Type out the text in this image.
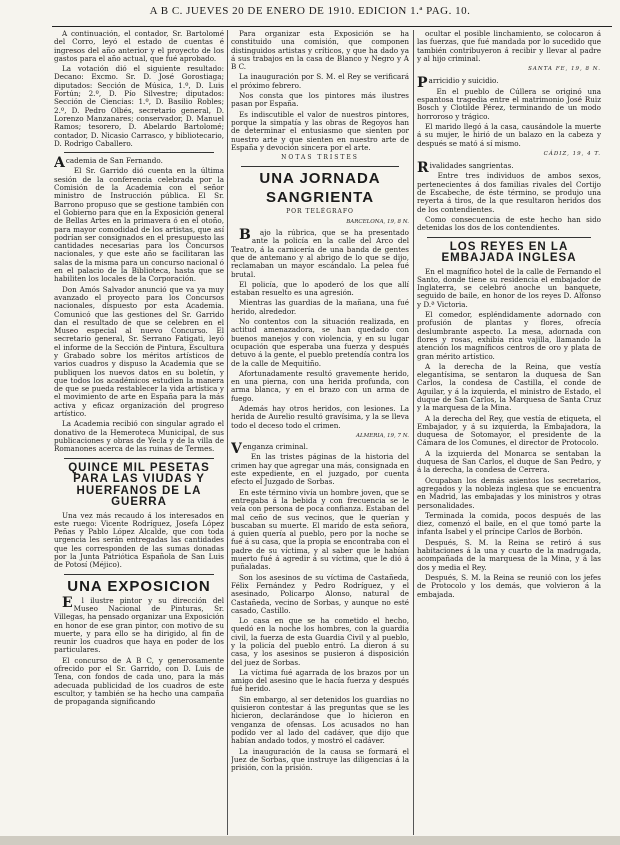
A B C. JUEVES 20 DE ENERO DE 1910. EDICION 1.ª PAG. 10.

A continuación, el contador, Sr. Bartolomé del Corro, leyó el estado de cuentas é ingresos del año anterior y el proyecto de los gastos para el año actual, que fué aprobado.

La votación dió el siguiente resultado: Decano: Excmo. Sr. D. José Gorostiaga; diputados: Sección de Música, 1.º, D. Luis Fortún; 2.º, D. Pío Silvestre; diputados: Sección de Ciencias: 1.º, D. Basilio Robles; 2.º, D. Pedro Olbés, secretario general, D. Lorenzo Manzanares; conservador, D. Manuel Ramos; tesorero, D. Abelardo Bartolomé; contador, D. Nicasio Carrasco, y bibliotecario, D. Rodrigo Caballero.

Academia de San Fernando.

El Sr. Garrido dió cuenta en la última sesión de la conferencia celebrada por la Comisión de la Academia con el señor ministro de Instrucción pública. El Sr. Barrono propuso que se gestione también con el Gobierno para que en la Exposición general de Bellas Artes en la primavera ó en el otoño, para mayor comodidad de los artistas, que así podrían ser consignados en el presupuesto las cantidades necesarias para los Concursos nacionales, y que este año se facilitaran las salas de la misma para un concurso nacional ó en el palacio de la Biblioteca, hasta que se habiliten los locales de la Corporación.

Don Amós Salvador anunció que va ya muy avanzado el proyecto para los Concursos nacionales, dispuesto por esta Academia. Comunicó que las gestiones del Sr. Garrido dan el resultado de que se celebren en el Museo especial al nuevo Concurso. El secretario general, Sr. Serrano Fatigati, leyó el informe de la Sección de Pintura, Escultura y Grabado sobre los méritos artísticos de varios cuadros y dispuso la Academia que se publiquen los nuevos datos en su boletín, y que todos los académicos estudien la manera de que se pueda restablecer la vida artística y el movimiento de arte en España para la más activa y eficaz organización del progreso artístico.

La Academia recibió con singular agrado el donativo de la Hemeroteca Municipal, de sus publicaciones y obras de Yecla y de la villa de Romanones acerca de las ruinas de Termes.

QUINCE MIL PESETAS PARA LAS VIUDAS Y HUERFANOS DE LA GUERRA

Una vez más recaudo á los interesados en este ruego: Vicente Rodríguez, Josefa López Peñas y Pablo López Alcalde, que con toda urgencia les serán entregadas las cantidades que les corresponden de las sumas donadas por la Junta Patriótica Española de San Luis de Potosí (Méjico).

UNA EXPOSICION

El ilustre pintor y su dirección del Museo Nacional de Pinturas, Sr. Villegas, ha pensado organizar una Exposición en honor de ese gran pintor, con motivo de su muerte, y para ello se ha dirigido, al fin de reunir los cuadros que haya en poder de los particulares.

El concurso de A B C, y generosamente ofrecido por el Sr. Garrido, con D. Luis de Tena, con fondos de cada uno, para la más adecuada publicidad de los cuadros de este escultor, y también se ha hecho una campaña de propaganda significando

Para organizar esta Exposición se ha constituido una comisión, que componen distinguidos artistas y críticos, y que ha dado ya á sus trabajos en la casa de Blanco y Negro y A B C.

La inauguración por S. M. el Rey se verificará el próximo febrero.

Nos consta que los pintores más ilustres pasan por España.

Es indiscutible el valor de nuestros pintores, porque la simpatía y las obras de Regoyos han de determinar el entusiasmo que sienten por nuestro arte y que sienten en nuestro arte de España y devoción sincera por el arte.

NOTAS TRISTES
UNA JORNADA
SANGRIENTA
POR TELÉGRAFO
BARCELONA, 19, 8 N.

Bajo la rúbrica, que se ha presentado ante la policía en la calle del Arco del Teatro, á la carnicería de una banda de gentes que de antemano y al abrigo de lo que se dijo, reclamaban un mayor escándalo. La pelea fué brutal.

El policía, que lo apoderó de los que allí estaban resuelto es una agresión.

Mientras las guardias de la mañana, una fué herido, alrededor.

No contentos con la situación realizada, en actitud amenazadora, se han quedado con buenos manejos y con violencia, y en su lugar ocupación que esperaba una fuerza y después detuvo á la gente, el pueblo pretendía contra los de la calle de Mequitiño.

Afortunadamente resultó gravemente herido, en una pierna, con una herida profunda, con arma blanca, y en el brazo con un arma de fuego.

Además hay otros heridos, con lesiones. La herida de Aurelio resultó gravísima, y la se lleva todo el deceso todo el crimen.

ALMERIA, 19, 7 N.

Venganza criminal.

En las tristes páginas de la historia del crimen hay que agregar una más, consignada en este expediente, en el juzgado, por cuenta efecto el Juzgado de Sorbas.

En este término vivía un hombre joven, que se entregaba á la bebida y con frecuencia se le veía con persona de poca confianza. Estaban del mal ceño de sus vecinos, que le querían y buscaban su muerte. El marido de esta señora, á quien quería al pueblo, pero por la noche se fué á su casa, que la propia se encontraba con el padre de su víctima, y al saber que le habían muerto fué á agredir á su víctima, que le dió á puñaladas.

Son los asesinos de su víctima de Castañeda, Félix Fernández y Pedro Rodríguez, y el asesinado, Policarpo Alonso, natural de Castañeda, vecino de Sorbas, y aunque no esté casado, Castillo.

Lo casa en que se ha cometido el hecho, quedó en la noche los hombres, con la guardia civil, la fuerza de esta Guardia Civil y al pueblo, y la policía del pueblo entró. La dieron á su casa, y los asesinos se pusieron á disposición del juez de Sorbas.

La víctima fué agarrada de los brazos por un amigo del asesino que le hacía fuerza y después fué herido.

Sin embargo, al ser detenidos los guardias no quisieron contestar á las preguntas que se les hicieron, declarándose que lo hicieron en venganza de ofensas. Los acusados no han podido ver al lado del cadáver, que dijo que habían andado todos, y mostró el cadáver.

La inauguración de la causa se formará el Juez de Sorbas, que instruye las diligencias á la prisión, con la prisión.

ocultar el posible linchamiento, se colocaron á las fuerzas, que fué mandada por lo sucedido que también contribuyeron á recibir y llevar al padre y al hijo criminal.

SANTA FE, 19, 8 N.

Parricidio y suicidio.

En el pueblo de Cúllera se originó una espantosa tragedia entre el matrimonio José Ruiz Bosch y Clotilde Pérez, terminando de un modo horroroso y trágico.

El marido llegó á la casa, causándole la muerte á su mujer, le hirió de un balazo en la cabeza y después se mató á sí mismo.

CÁDIZ, 19, 4 T.

Rivalidades sangrientas.

Entre tres individuos de ambos sexos, pertenecientes á dos familias rivales del Cortijo de Escabeche, de éste término, se produjo una reyerta á tiros, de la que resultaron heridos dos de los contendientes.

Como consecuencia de este hecho han sido detenidas los dos de los contendientes.

LOS REYES EN LA EMBAJADA INGLESA

En el magnífico hotel de la calle de Fernando el Santo, donde tiene su residencia el embajador de Inglaterra, se celebró anoche un banquete, seguido de baile, en honor de los reyes D. Alfonso y D.ª Victoria.

El comedor, espléndidamente adornado con profusión de plantas y flores, ofrecía deslumbrante aspecto. La mesa, adornada con flores y rosas, exhibía rica vajilla, llamando la atención los magníficos centros de oro y plata de gran mérito artístico.

A la derecha de la Reina, que vestía elegantísima, se sentaron la duquesa de San Carlos, la condesa de Castilla, el conde de Aguilar, y á la izquierda, el ministro de Estado, el duque de San Carlos, la Marquesa de Santa Cruz y la marquesa de la Mina.

A la derecha del Rey, que vestía de etiqueta, el Embajador, y á su izquierda, la Embajadora, la duquesa de Sotomayor, el presidente de la Cámara de los Comunes, el director de Protocolo.

A la izquierda del Monarca se sentaban la duquesa de San Carlos, el duque de San Pedro, y á la derecha, la condesa de Cerrera.

Ocupaban los demás asientos los secretarios, agregados y la nobleza inglesa que se encuentra en Madrid, las embajadas y los ministros y otras personalidades.

Terminada la comida, pocos después de las diez, comenzó el baile, en el que tomó parte la infanta Isabel y el príncipe Carlos de Borbón.

Después, S. M. la Reina se retiró á sus habitaciones á la una y cuarto de la madrugada, acompañada de la marquesa de la Mina, y á las dos y media el Rey.

Después, S. M. la Reina se reunió con los jefes de Protocolo y los demás, que volvieron á la embajada.
